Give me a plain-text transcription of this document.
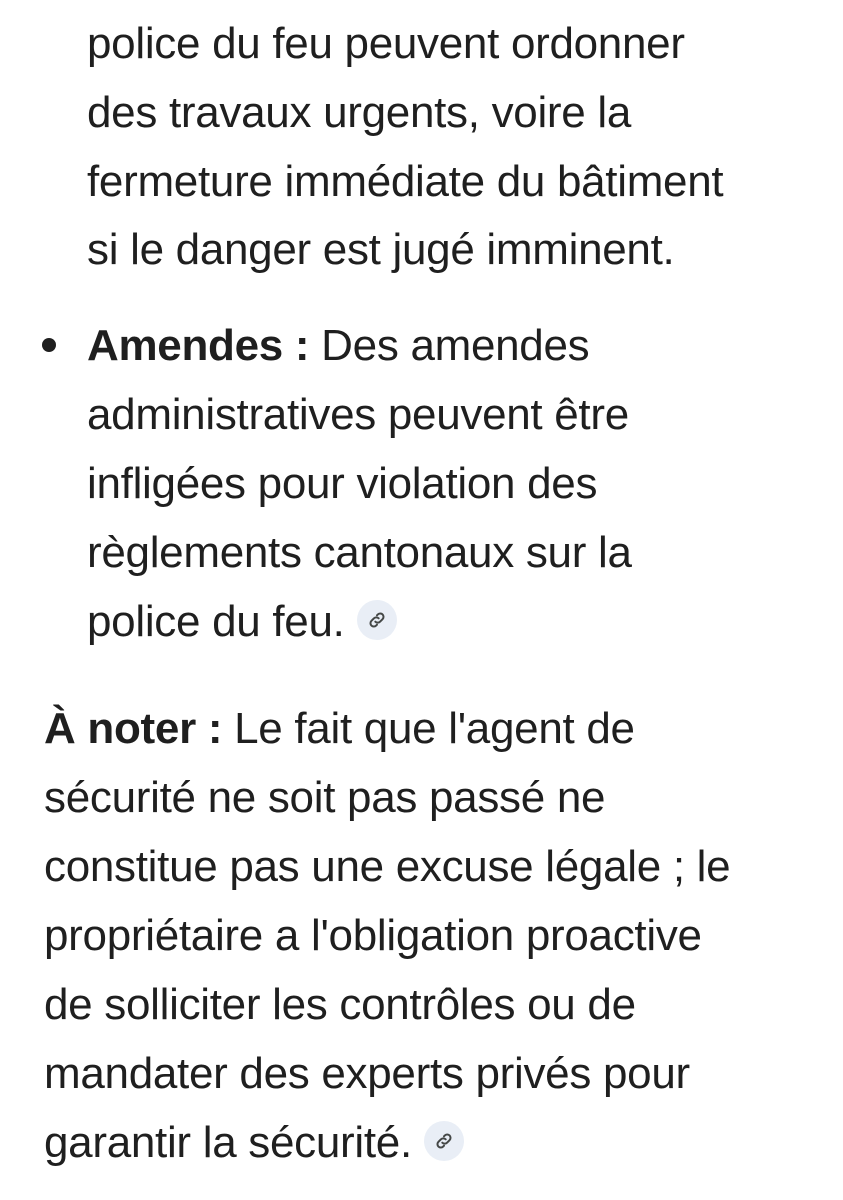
police du feu peuvent ordonner
des travaux urgents, voire la
fermeture immédiate du bâtiment
si le danger est jugé imminent.
Amendes : Des amendes
administratives peuvent être
infligées pour violation des
règlements cantonaux sur la
police du feu.
À noter : Le fait que l'agent de
sécurité ne soit pas passé ne
constitue pas une excuse légale ; le
propriétaire a l'obligation proactive
de solliciter les contrôles ou de
mandater des experts privés pour
garantir la sécurité.
